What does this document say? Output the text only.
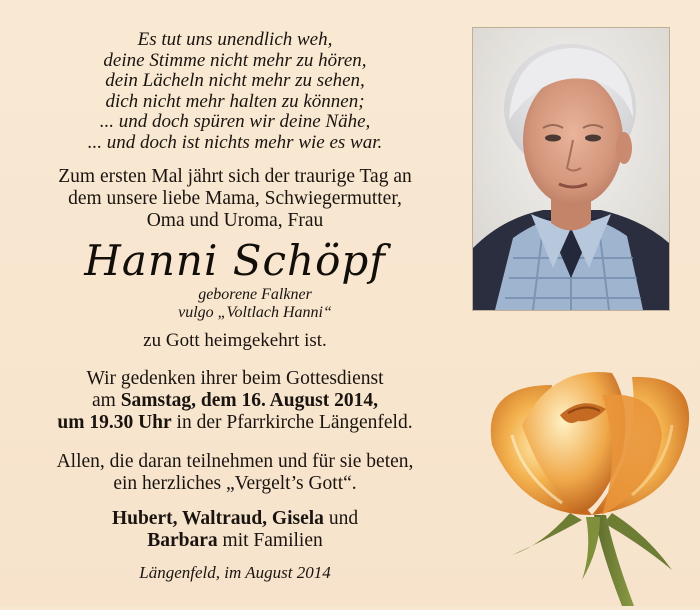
Es tut uns unendlich weh,
deine Stimme nicht mehr zu hören,
dein Lächeln nicht mehr zu sehen,
dich nicht mehr halten zu können;
... und doch spüren wir deine Nähe,
... und doch ist nichts mehr wie es war.
Zum ersten Mal jährt sich der traurige Tag an
dem unsere liebe Mama, Schwiegermutter,
Oma und Uroma, Frau
Hanni Schöpf
geborene Falkner
vulgo „Voltlach Hanni“
zu Gott heimgekehrt ist.
Wir gedenken ihrer beim Gottesdienst
am Samstag, dem 16. August 2014,
um 19.30 Uhr in der Pfarrkirche Längenfeld.
Allen, die daran teilnehmen und für sie beten,
ein herzliches „Vergelt’s Gott“.
Hubert, Waltraud, Gisela und
Barbara mit Familien
Längenfeld, im August 2014
